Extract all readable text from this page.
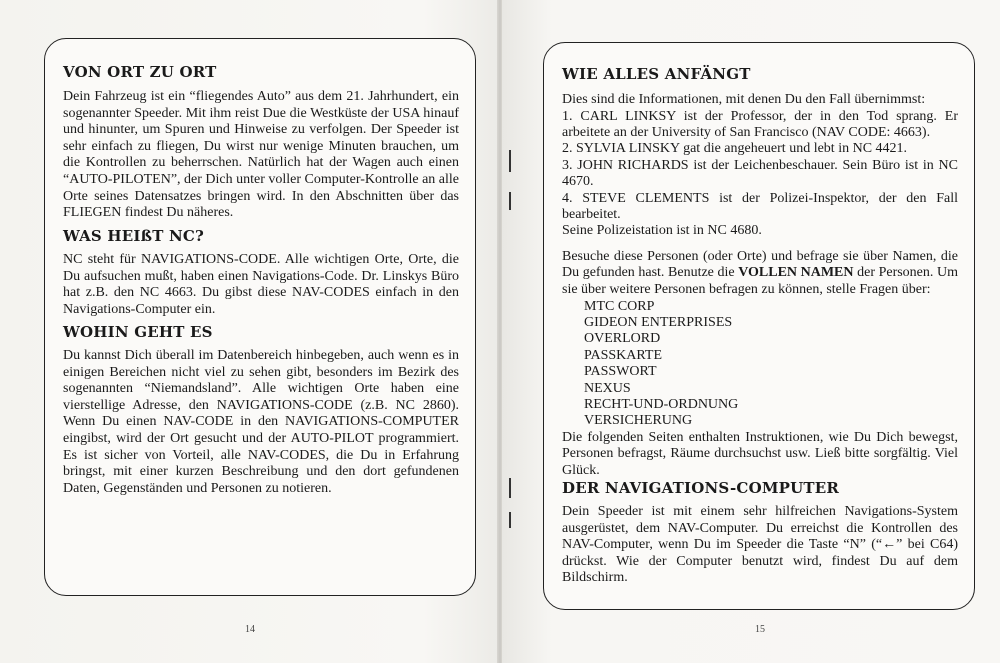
VON ORT ZU ORT

Dein Fahrzeug ist ein “fliegendes Auto” aus dem 21. Jahrhundert, ein sogenannter Speeder. Mit ihm reist Due die Westküste der USA hinauf und hinunter, um Spuren und Hinweise zu verfolgen. Der Speeder ist sehr einfach zu fliegen, Du wirst nur wenige Minuten brauchen, um die Kontrollen zu beherrschen. Natürlich hat der Wagen auch einen “AUTO-PILOTEN”, der Dich unter voller Computer-Kontrolle an alle Orte seines Datensatzes bringen wird. In den Abschnitten über das FLIEGEN findest Du näheres.

WAS HEIßT NC?

NC steht für NAVIGATIONS-CODE. Alle wichtigen Orte, Orte, die Du aufsuchen mußt, haben einen Navigations-Code. Dr. Linskys Büro hat z.B. den NC 4663. Du gibst diese NAV-CODES einfach in den Navigations-Computer ein.

WOHIN GEHT ES

Du kannst Dich überall im Datenbereich hinbegeben, auch wenn es in einigen Bereichen nicht viel zu sehen gibt, besonders im Bezirk des sogenannten “Niemandsland”. Alle wichtigen Orte haben eine vierstellige Adresse, den NAVIGATIONS-CODE (z.B. NC 2860). Wenn Du einen NAV-CODE in den NAVIGATIONS-COMPUTER eingibst, wird der Ort gesucht und der AUTO-PILOT programmiert. Es ist sicher von Vorteil, alle NAV-CODES, die Du in Erfahrung bringst, mit einer kurzen Beschreibung und den dort gefundenen Daten, Gegenständen und Personen zu notieren.

14	15
WIE ALLES ANFÄNGT

Dies sind die Informationen, mit denen Du den Fall übernimmst:

1. CARL LINKSY ist der Professor, der in den Tod sprang. Er arbeitete an der University of San Francisco (NAV CODE: 4663).
2. SYLVIA LINSKY gat die angeheuert und lebt in NC 4421.
3. JOHN RICHARDS ist der Leichenbeschauer. Sein Büro ist in NC 4670.
4. STEVE CLEMENTS ist der Polizei-Inspektor, der den Fall bearbeitet.
Seine Polizeistation ist in NC 4680.

Besuche diese Personen (oder Orte) und befrage sie über Namen, die Du gefunden hast. Benutze die VOLLEN NAMEN der Personen. Um sie über weitere Personen befragen zu können, stelle Fragen über:

MTC CORP
GIDEON ENTERPRISES
OVERLORD
PASSKARTE
PASSWORT
NEXUS
RECHT-UND-ORDNUNG
VERSICHERUNG

Die folgenden Seiten enthalten Instruktionen, wie Du Dich bewegst, Personen befragst, Räume durchsuchst usw. Ließ bitte sorgfältig. Viel Glück.

DER NAVIGATIONS-COMPUTER

Dein Speeder ist mit einem sehr hilfreichen Navigations-System ausgerüstet, dem NAV-Computer. Du erreichst die Kontrollen des NAV-Computer, wenn Du im Speeder die Taste “N” (“←” bei C64) drückst. Wie der Computer benutzt wird, findest Du auf dem Bildschirm.
